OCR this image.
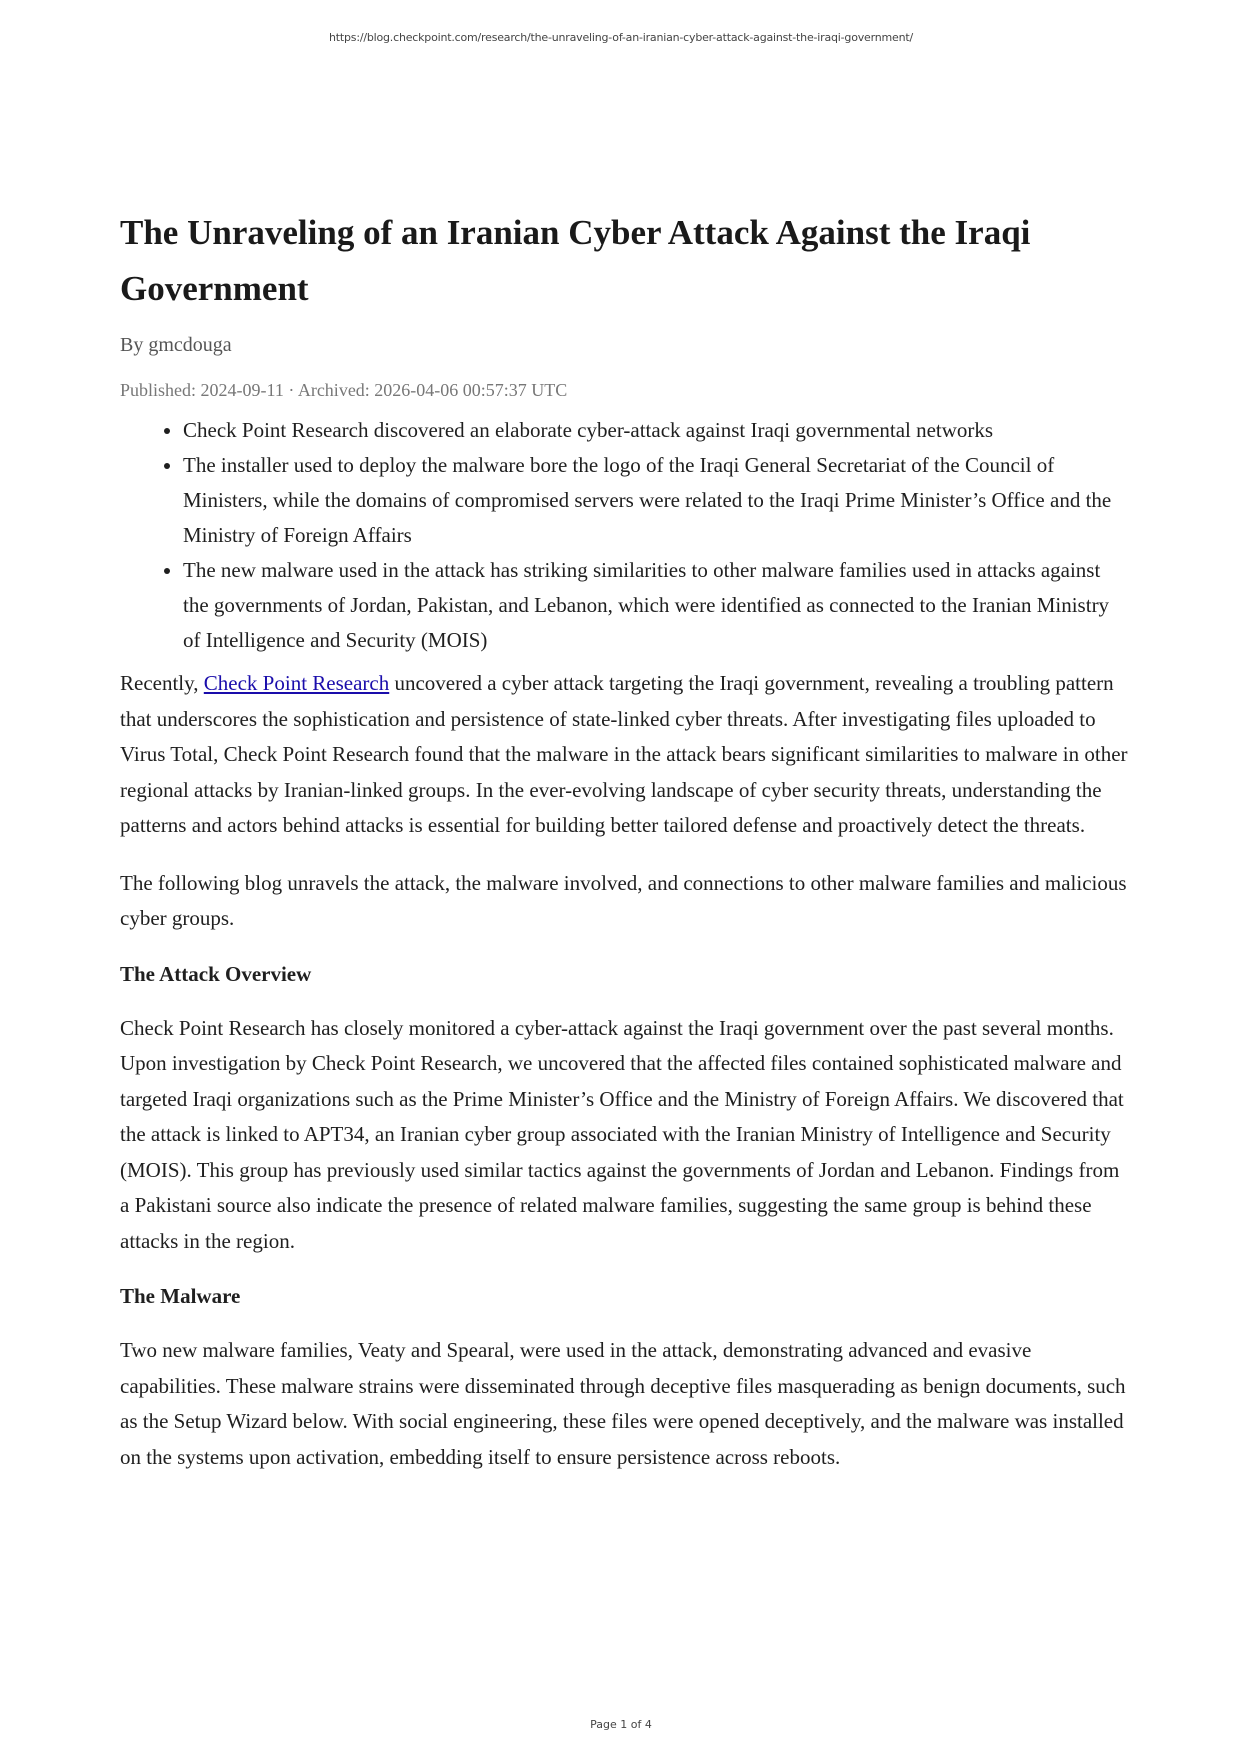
https://blog.checkpoint.com/research/the-unraveling-of-an-iranian-cyber-attack-against-the-iraqi-government/
The Unraveling of an Iranian Cyber Attack Against the Iraqi Government
By gmcdouga
Published: 2024-09-11 · Archived: 2026-04-06 00:57:37 UTC
• Check Point Research discovered an elaborate cyber-attack against Iraqi governmental networks
• The installer used to deploy the malware bore the logo of the Iraqi General Secretariat of the Council of Ministers, while the domains of compromised servers were related to the Iraqi Prime Minister’s Office and the Ministry of Foreign Affairs
• The new malware used in the attack has striking similarities to other malware families used in attacks against the governments of Jordan, Pakistan, and Lebanon, which were identified as connected to the Iranian Ministry of Intelligence and Security (MOIS)

Recently, Check Point Research uncovered a cyber attack targeting the Iraqi government, revealing a troubling pattern that underscores the sophistication and persistence of state-linked cyber threats. After investigating files uploaded to Virus Total, Check Point Research found that the malware in the attack bears significant similarities to malware in other regional attacks by Iranian-linked groups. In the ever-evolving landscape of cyber security threats, understanding the patterns and actors behind attacks is essential for building better tailored defense and proactively detect the threats.

The following blog unravels the attack, the malware involved, and connections to other malware families and malicious cyber groups.

The Attack Overview

Check Point Research has closely monitored a cyber-attack against the Iraqi government over the past several months. Upon investigation by Check Point Research, we uncovered that the affected files contained sophisticated malware and targeted Iraqi organizations such as the Prime Minister’s Office and the Ministry of Foreign Affairs. We discovered that the attack is linked to APT34, an Iranian cyber group associated with the Iranian Ministry of Intelligence and Security (MOIS). This group has previously used similar tactics against the governments of Jordan and Lebanon. Findings from a Pakistani source also indicate the presence of related malware families, suggesting the same group is behind these attacks in the region.

The Malware

Two new malware families, Veaty and Spearal, were used in the attack, demonstrating advanced and evasive capabilities. These malware strains were disseminated through deceptive files masquerading as benign documents, such as the Setup Wizard below. With social engineering, these files were opened deceptively, and the malware was installed on the systems upon activation, embedding itself to ensure persistence across reboots.

Page 1 of 4
